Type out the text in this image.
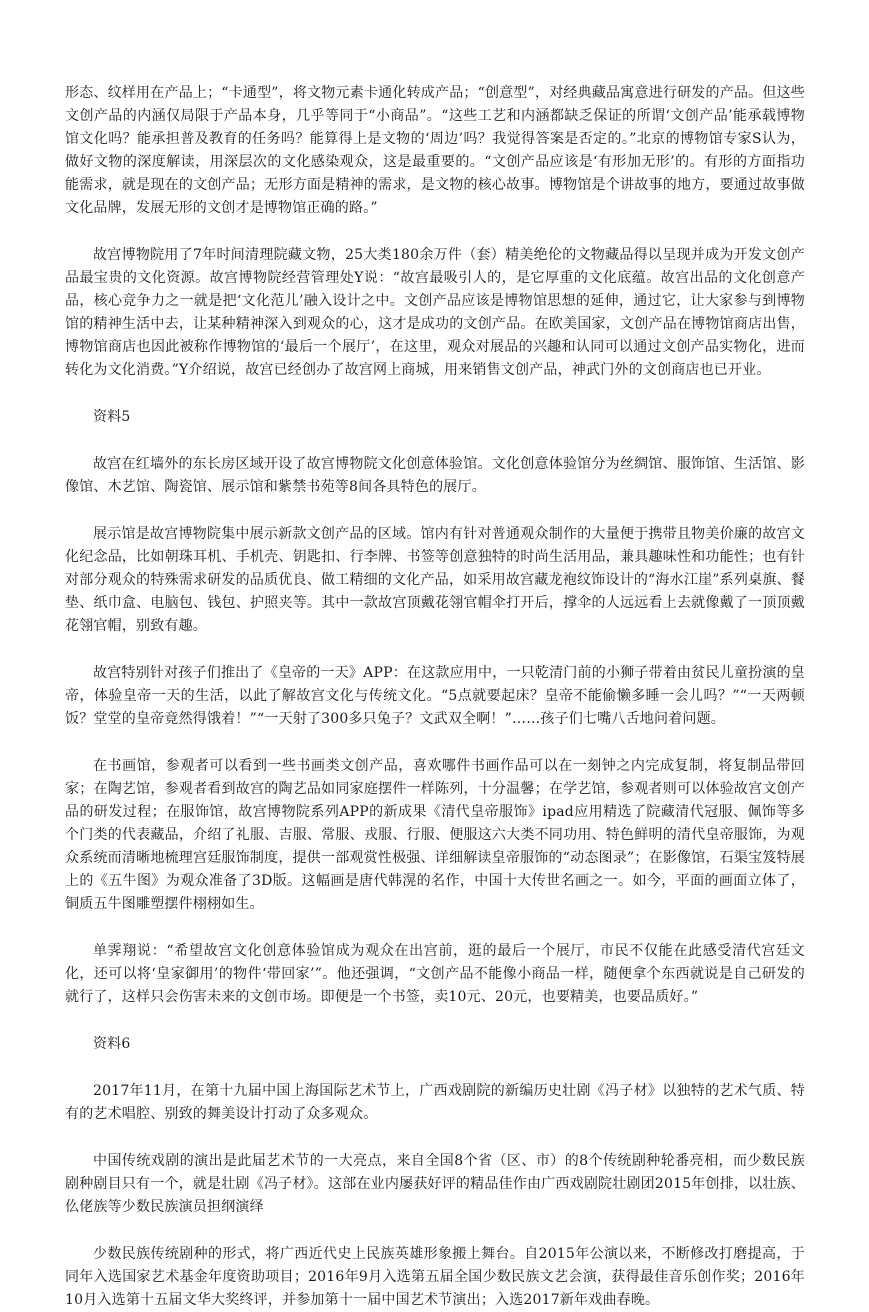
形态、纹样用在产品上；“卡通型”，将文物元素卡通化转成产品；“创意型”，对经典藏品寓意进行研发的产品。但这些文创产品的内涵仅局限于产品本身，几乎等同于“小商品”。“这些工艺和内涵都缺乏保证的所谓‘文创产品’能承载博物馆文化吗？能承担普及教育的任务吗？能算得上是文物的‘周边’吗？我觉得答案是否定的。”北京的博物馆专家S认为，做好文物的深度解读，用深层次的文化感染观众，这是最重要的。“文创产品应该是‘有形加无形’的。有形的方面指功能需求，就是现在的文创产品；无形方面是精神的需求，是文物的核心故事。博物馆是个讲故事的地方，要通过故事做文化品牌，发展无形的文创才是博物馆正确的路。”

故宫博物院用了7年时间清理院藏文物，25大类180余万件（套）精美绝伦的文物藏品得以呈现并成为开发文创产品最宝贵的文化资源。故宫博物院经营管理处Y说：“故宫最吸引人的，是它厚重的文化底蕴。故宫出品的文化创意产品，核心竞争力之一就是把‘文化范儿’融入设计之中。文创产品应该是博物馆思想的延伸，通过它，让大家参与到博物馆的精神生活中去，让某种精神深入到观众的心，这才是成功的文创产品。在欧美国家，文创产品在博物馆商店出售，博物馆商店也因此被称作博物馆的‘最后一个展厅’，在这里，观众对展品的兴趣和认同可以通过文创产品实物化，进而转化为文化消费。”Y介绍说，故宫已经创办了故宫网上商城，用来销售文创产品，神武门外的文创商店也已开业。

资料5

故宫在红墙外的东长房区域开设了故宫博物院文化创意体验馆。文化创意体验馆分为丝绸馆、服饰馆、生活馆、影像馆、木艺馆、陶瓷馆、展示馆和紫禁书苑等8间各具特色的展厅。

展示馆是故宫博物院集中展示新款文创产品的区域。馆内有针对普通观众制作的大量便于携带且物美价廉的故宫文化纪念品，比如朝珠耳机、手机壳、钥匙扣、行李牌、书签等创意独特的时尚生活用品，兼具趣味性和功能性；也有针对部分观众的特殊需求研发的品质优良、做工精细的文化产品，如采用故宫藏龙袍纹饰设计的“海水江崖”系列桌旗、餐垫、纸巾盒、电脑包、钱包、护照夹等。其中一款故宫顶戴花翎官帽伞打开后，撑伞的人远远看上去就像戴了一顶顶戴花翎官帽，别致有趣。

故宫特别针对孩子们推出了《皇帝的一天》APP：在这款应用中，一只乾清门前的小狮子带着由贫民儿童扮演的皇帝，体验皇帝一天的生活，以此了解故宫文化与传统文化。“5点就要起床？皇帝不能偷懒多睡一会儿吗？”“一天两顿饭？堂堂的皇帝竟然得饿着！”“一天射了300多只兔子？文武双全啊！”……孩子们七嘴八舌地问着问题。

在书画馆，参观者可以看到一些书画类文创产品，喜欢哪件书画作品可以在一刻钟之内完成复制，将复制品带回家；在陶艺馆，参观者看到故宫的陶艺品如同家庭摆件一样陈列，十分温馨；在学艺馆，参观者则可以体验故宫文创产品的研发过程；在服饰馆，故宫博物院系列APP的新成果《清代皇帝服饰》ipad应用精选了院藏清代冠服、佩饰等多个门类的代表藏品，介绍了礼服、吉服、常服、戎服、行服、便服这六大类不同功用、特色鲜明的清代皇帝服饰，为观众系统而清晰地梳理宫廷服饰制度，提供一部观赏性极强、详细解读皇帝服饰的“动态图录”；在影像馆，石渠宝笈特展上的《五牛图》为观众准备了3D版。这幅画是唐代韩滉的名作，中国十大传世名画之一。如今，平面的画面立体了，铜质五牛图雕塑摆件栩栩如生。

单霁翔说：“希望故宫文化创意体验馆成为观众在出宫前，逛的最后一个展厅，市民不仅能在此感受清代宫廷文化，还可以将‘皇家御用’的物件‘带回家’”。他还强调，“文创产品不能像小商品一样，随便拿个东西就说是自己研发的就行了，这样只会伤害未来的文创市场。即便是一个书签，卖10元、20元，也要精美，也要品质好。”

资料6

2017年11月，在第十九届中国上海国际艺术节上，广西戏剧院的新编历史壮剧《冯子材》以独特的艺术气质、特有的艺术唱腔、别致的舞美设计打动了众多观众。

中国传统戏剧的演出是此届艺术节的一大亮点，来自全国8个省（区、市）的8个传统剧种轮番亮相，而少数民族剧种剧目只有一个，就是壮剧《冯子材》。这部在业内屡获好评的精品佳作由广西戏剧院壮剧团2015年创排，以壮族、仫佬族等少数民族演员担纲演绎

少数民族传统剧种的形式，将广西近代史上民族英雄形象搬上舞台。自2015年公演以来，不断修改打磨提高，于同年入选国家艺术基金年度资助项目；2016年9月入选第五届全国少数民族文艺会演，获得最佳音乐创作奖；2016年10月入选第十五届文华大奖终评，并参加第十一届中国艺术节演出；入选2017新年戏曲春晚。
